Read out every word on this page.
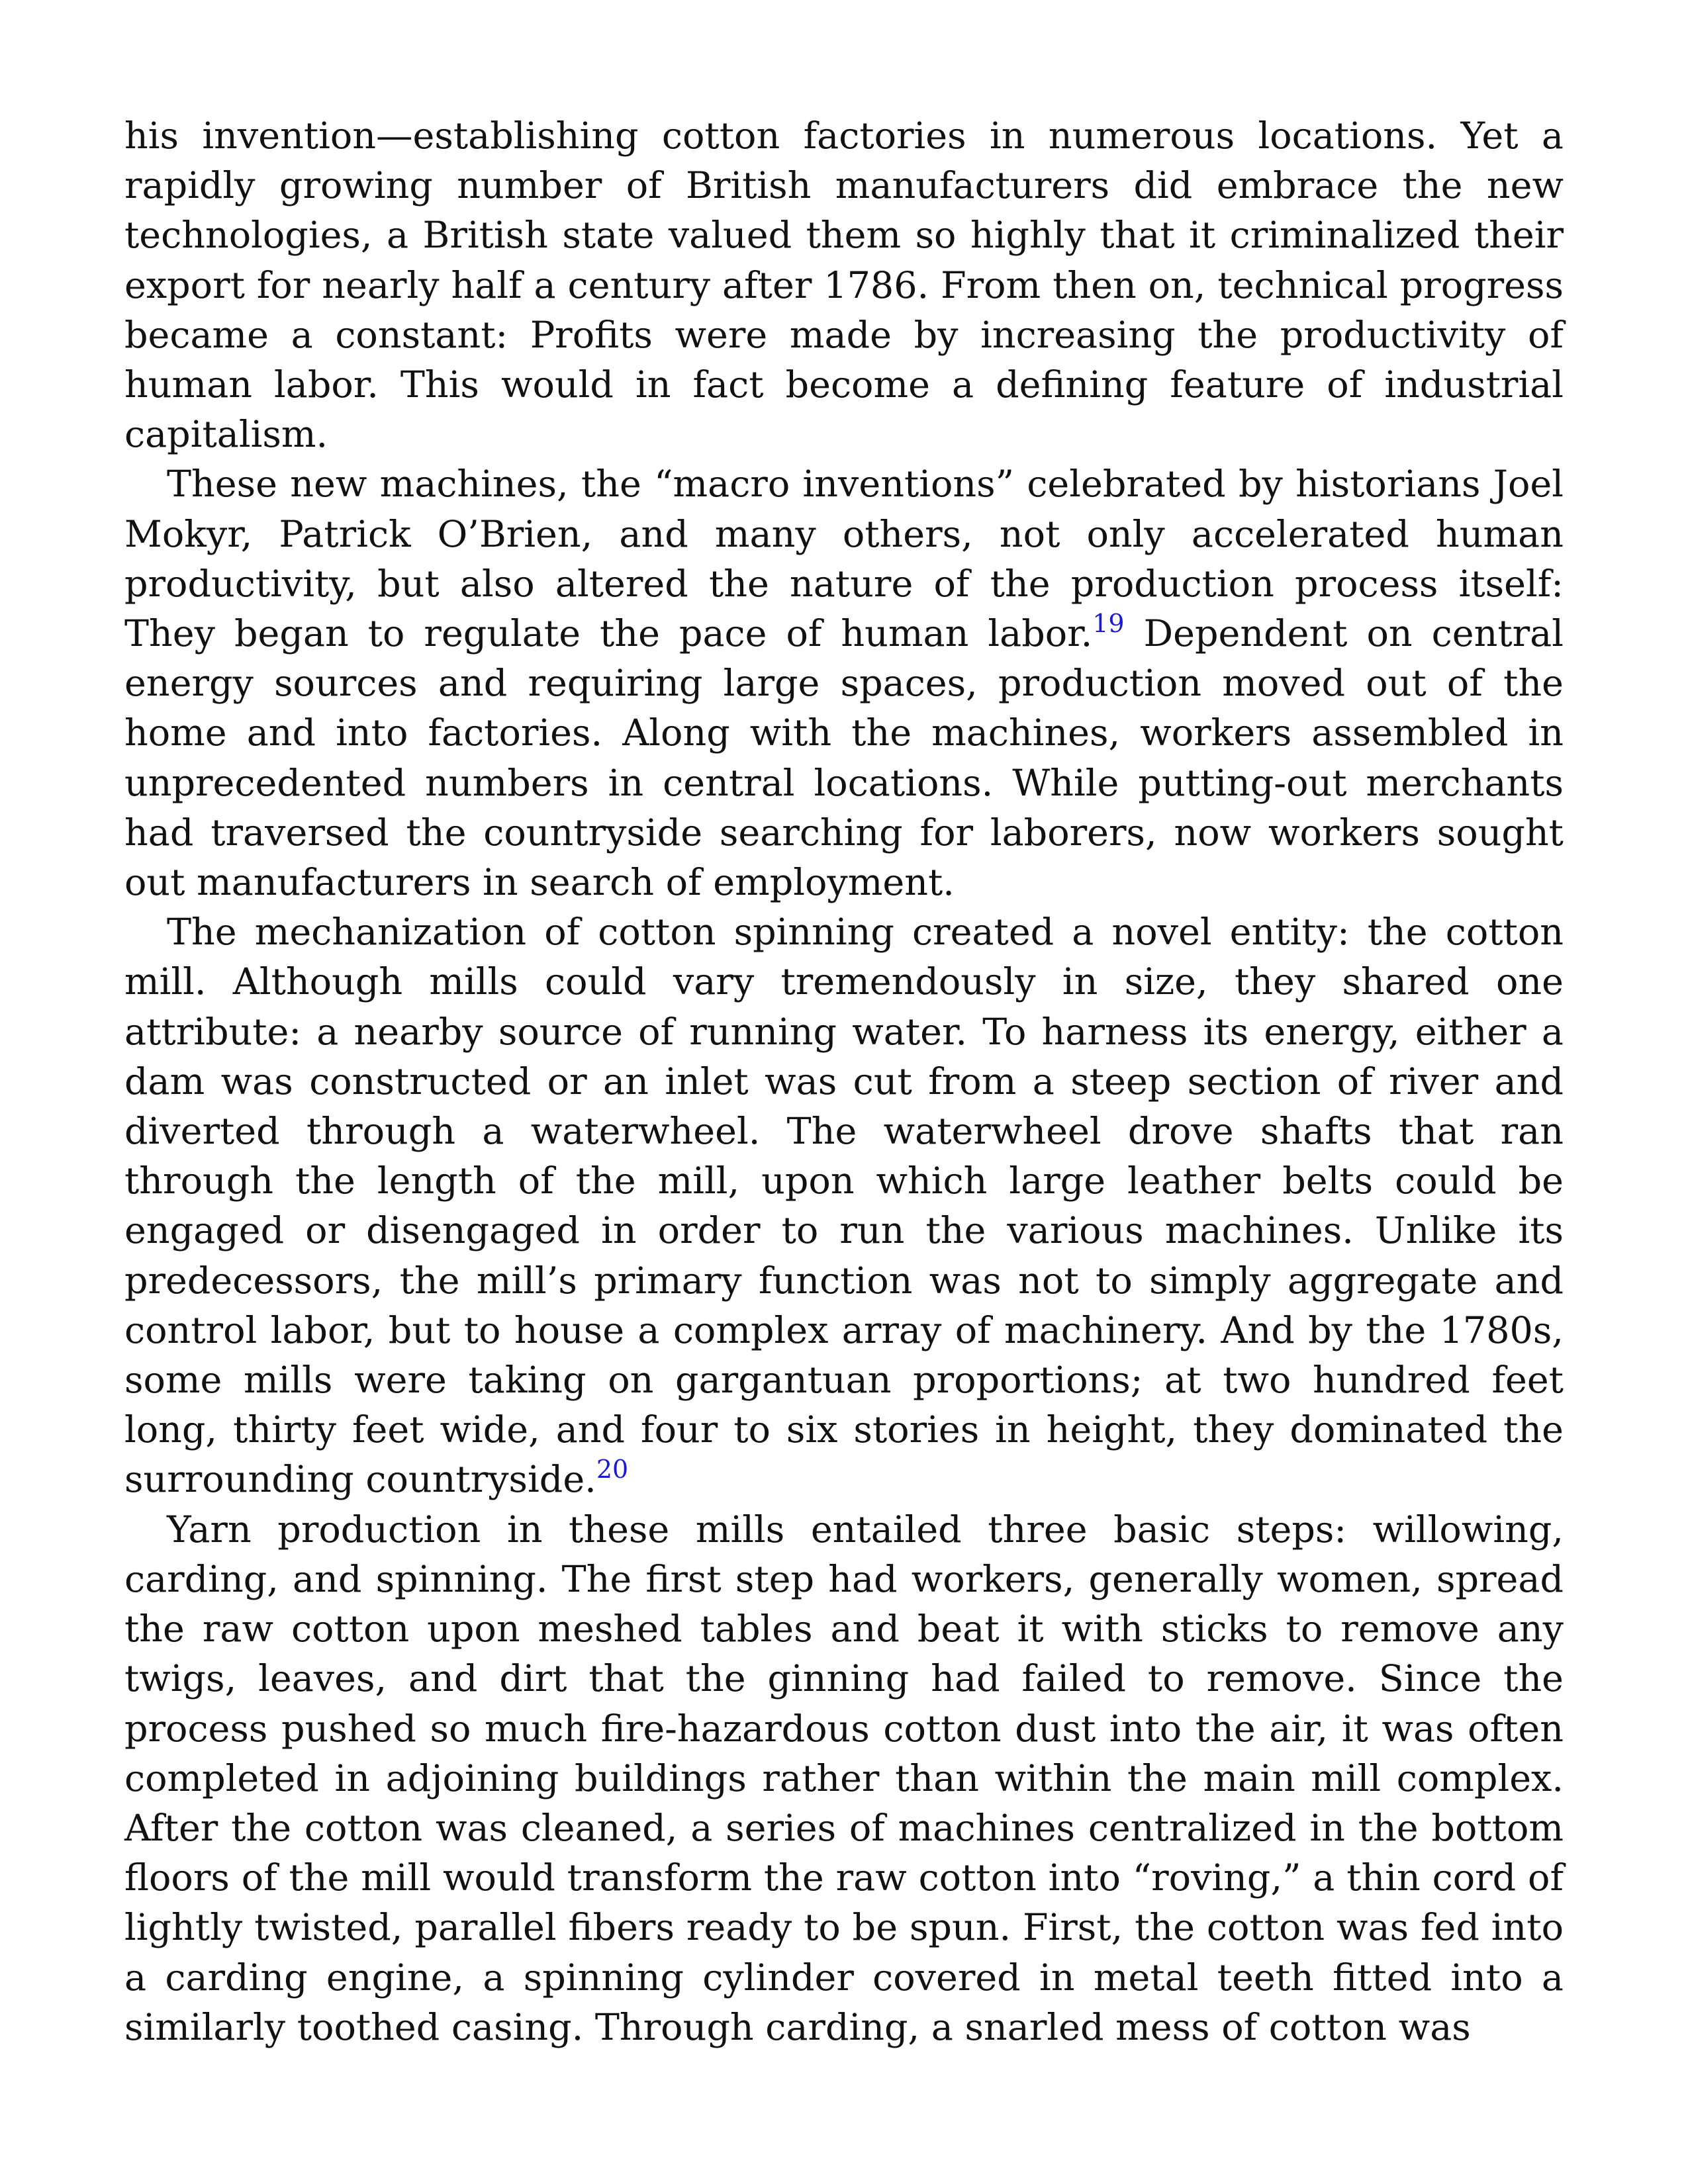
his invention—establishing cotton factories in numerous locations. Yet a rapidly growing number of British manufacturers did embrace the new technologies, a British state valued them so highly that it criminalized their export for nearly half a century after 1786. From then on, technical progress became a constant: Profits were made by increasing the productivity of human labor. This would in fact become a defining feature of industrial capitalism.

These new machines, the “macro inventions” celebrated by historians Joel Mokyr, Patrick O’Brien, and many others, not only accelerated human productivity, but also altered the nature of the production process itself: They began to regulate the pace of human labor.$^{19}$ Dependent on central energy sources and requiring large spaces, production moved out of the home and into factories. Along with the machines, workers assembled in unprecedented numbers in central locations. While putting-out merchants had traversed the countryside searching for laborers, now workers sought out manufacturers in search of employment.

The mechanization of cotton spinning created a novel entity: the cotton mill. Although mills could vary tremendously in size, they shared one attribute: a nearby source of running water. To harness its energy, either a dam was constructed or an inlet was cut from a steep section of river and diverted through a waterwheel. The waterwheel drove shafts that ran through the length of the mill, upon which large leather belts could be engaged or disengaged in order to run the various machines. Unlike its predecessors, the mill’s primary function was not to simply aggregate and control labor, but to house a complex array of machinery. And by the 1780s, some mills were taking on gargantuan proportions; at two hundred feet long, thirty feet wide, and four to six stories in height, they dominated the surrounding countryside.$^{20}$

Yarn production in these mills entailed three basic steps: willowing, carding, and spinning. The first step had workers, generally women, spread the raw cotton upon meshed tables and beat it with sticks to remove any twigs, leaves, and dirt that the ginning had failed to remove. Since the process pushed so much fire-hazardous cotton dust into the air, it was often completed in adjoining buildings rather than within the main mill complex. After the cotton was cleaned, a series of machines centralized in the bottom floors of the mill would transform the raw cotton into “roving,” a thin cord of lightly twisted, parallel fibers ready to be spun. First, the cotton was fed into a carding engine, a spinning cylinder covered in metal teeth fitted into a similarly toothed casing. Through carding, a snarled mess of cotton was
